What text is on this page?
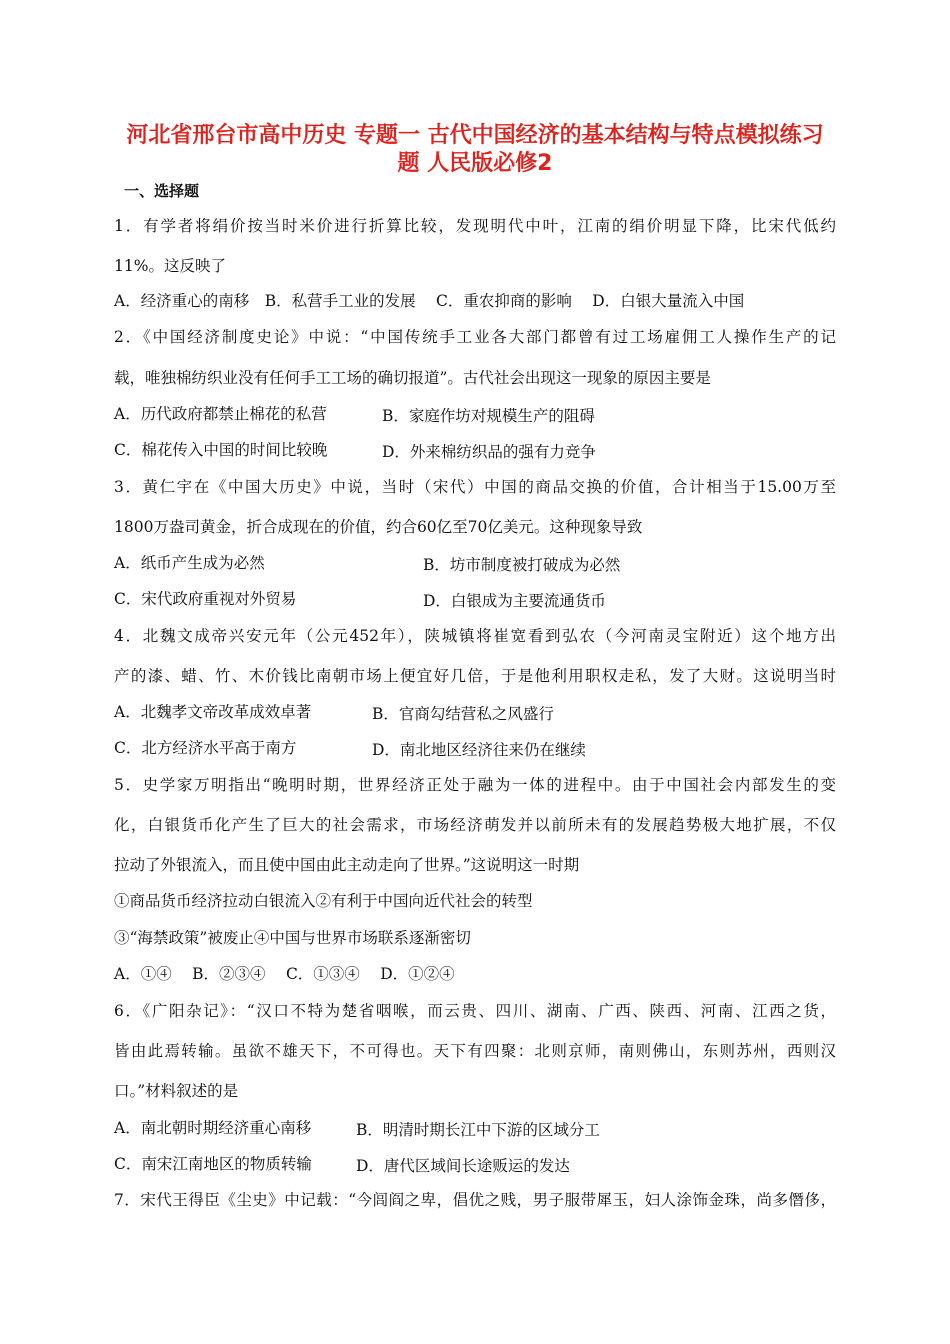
河北省邢台市高中历史 专题一 古代中国经济的基本结构与特点模拟练习
题 人民版必修2
一、选择题
1．有学者将绢价按当时米价进行折算比较，发现明代中叶，江南的绢价明显下降，比宋代低约
11%。这反映了
A．经济重心的南移　B．私营手工业的发展　 C．重农抑商的影响　 D．白银大量流入中国
2．《中国经济制度史论》中说：“中国传统手工业各大部门都曾有过工场雇佣工人操作生产的记
载，唯独棉纺织业没有任何手工工场的确切报道”。古代社会出现这一现象的原因主要是
A．历代政府都禁止棉花的私营	B．家庭作坊对规模生产的阻碍
C．棉花传入中国的时间比较晚	D．外来棉纺织品的强有力竞争
3．黄仁宇在《中国大历史》中说，当时（宋代）中国的商品交换的价值，合计相当于15.00万至
1800万盎司黄金，折合成现在的价值，约合60亿至70亿美元。这种现象导致
A．纸币产生成为必然	B．坊市制度被打破成为必然
C．宋代政府重视对外贸易	D．白银成为主要流通货币
4．北魏文成帝兴安元年（公元452年），陕城镇将崔宽看到弘农（今河南灵宝附近）这个地方出
产的漆、蜡、竹、木价钱比南朝市场上便宜好几倍，于是他利用职权走私，发了大财。这说明当时
A．北魏孝文帝改革成效卓著	B．官商勾结营私之风盛行
C．北方经济水平高于南方	D．南北地区经济往来仍在继续
5．史学家万明指出“晚明时期，世界经济正处于融为一体的进程中。由于中国社会内部发生的变
化，白银货币化产生了巨大的社会需求，市场经济萌发并以前所未有的发展趋势极大地扩展，不仅
拉动了外银流入，而且使中国由此主动走向了世界。”这说明这一时期
①商品货币经济拉动白银流入②有利于中国向近代社会的转型
③“海禁政策”被废止④中国与世界市场联系逐渐密切
A．①④　 B．②③④　 C．①③④　 D．①②④
6．《广阳杂记》：“汉口不特为楚省咽喉，而云贵、四川、湖南、广西、陕西、河南、江西之货，
皆由此焉转输。虽欲不雄天下，不可得也。天下有四聚：北则京师，南则佛山，东则苏州，西则汉
口。”材料叙述的是
A．南北朝时期经济重心南移	B．明清时期长江中下游的区域分工
C．南宋江南地区的物质转输	D．唐代区域间长途贩运的发达
7．宋代王得臣《尘史》中记载：“今闾阎之卑，倡优之贱，男子服带犀玉，妇人涂饰金珠，尚多僭侈，
